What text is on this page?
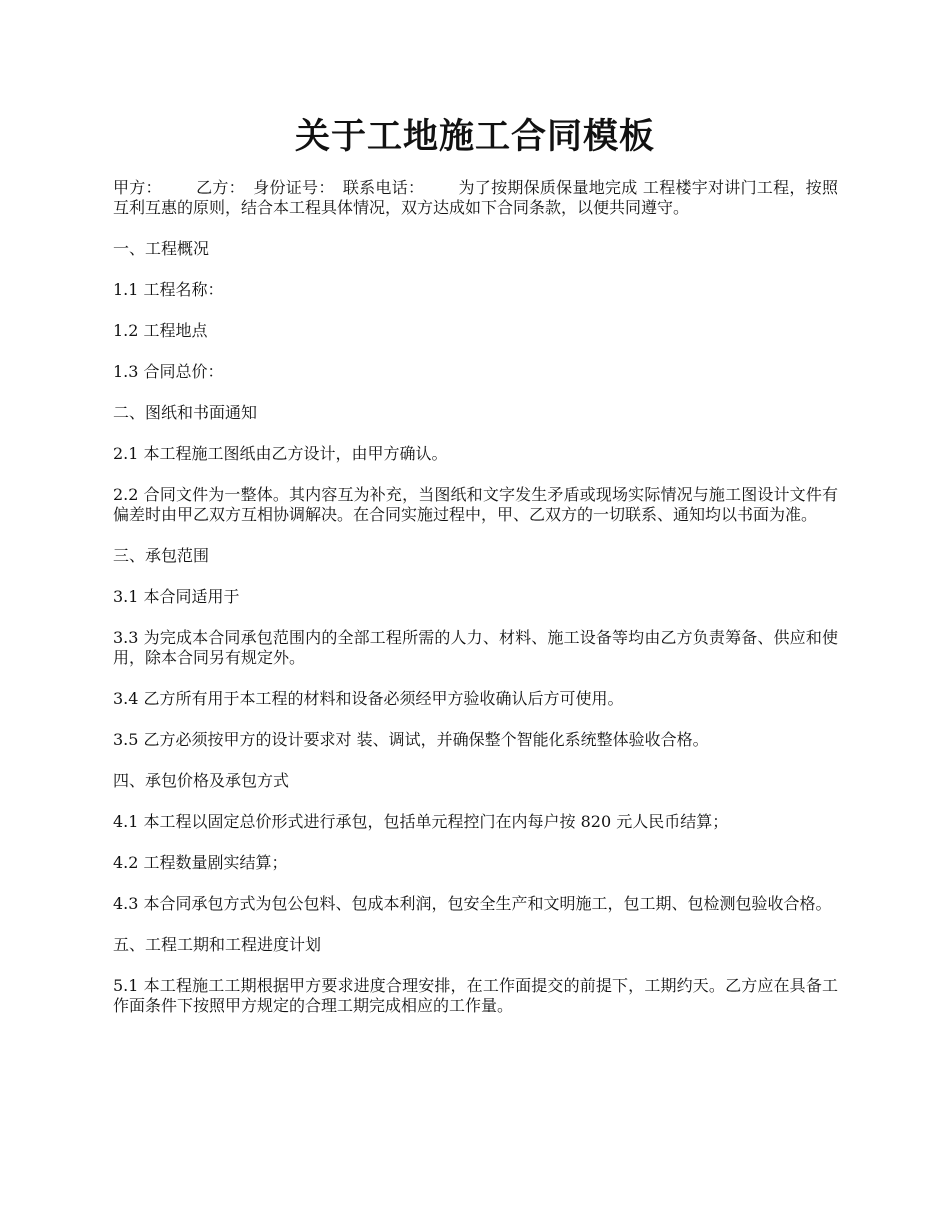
关于工地施工合同模板

甲方： 乙方： 身份证号： 联系电话： 为了按期保质保量地完成 工程楼宇对讲门工程，按照互利互惠的原则，结合本工程具体情况，双方达成如下合同条款，以便共同遵守。

一、工程概况

1.1 工程名称：

1.2 工程地点

1.3 合同总价：

二、图纸和书面通知

2.1 本工程施工图纸由乙方设计，由甲方确认。

2.2 合同文件为一整体。其内容互为补充，当图纸和文字发生矛盾或现场实际情况与施工图设计文件有偏差时由甲乙双方互相协调解决。在合同实施过程中，甲、乙双方的一切联系、通知均以书面为准。

三、承包范围

3.1 本合同适用于

3.3 为完成本合同承包范围内的全部工程所需的人力、材料、施工设备等均由乙方负责筹备、供应和使用，除本合同另有规定外。

3.4 乙方所有用于本工程的材料和设备必须经甲方验收确认后方可使用。

3.5 乙方必须按甲方的设计要求对 装、调试，并确保整个智能化系统整体验收合格。

四、承包价格及承包方式

4.1 本工程以固定总价形式进行承包，包括单元程控门在内每户按 820 元人民币结算；

4.2 工程数量剧实结算；

4.3 本合同承包方式为包公包料、包成本利润，包安全生产和文明施工，包工期、包检测包验收合格。

五、工程工期和工程进度计划

5.1 本工程施工工期根据甲方要求进度合理安排，在工作面提交的前提下，工期约天。乙方应在具备工作面条件下按照甲方规定的合理工期完成相应的工作量。
